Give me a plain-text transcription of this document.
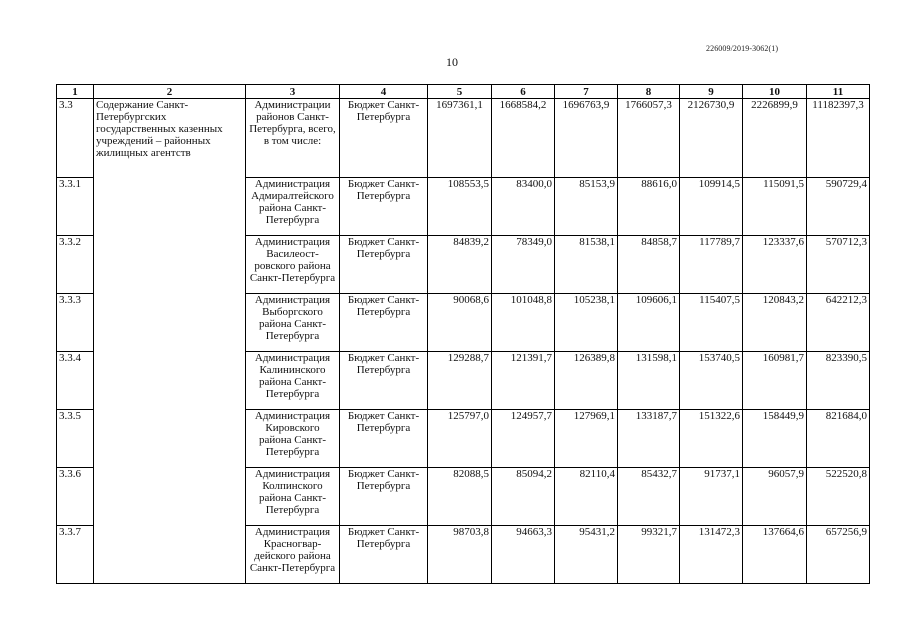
226009/2019-3062(1)
10
1	2	3	4	5	6	7	8	9	10	11
3.3	Содержание Санкт-Петербургских государственных казенных учреждений – районных жилищных агентств	Администрации районов Санкт-Петербурга, всего, в том числе:	Бюджет Санкт-Петербурга	1697361,1	1668584,2	1696763,9	1766057,3	2126730,9	2226899,9	11182397,3
3.3.1		Администрация Адмиралтейского района Санкт-Петербурга	Бюджет Санкт-Петербурга	108553,5	83400,0	85153,9	88616,0	109914,5	115091,5	590729,4
3.3.2		Администрация Василеост-ровского района Санкт-Петербурга	Бюджет Санкт-Петербурга	84839,2	78349,0	81538,1	84858,7	117789,7	123337,6	570712,3
3.3.3		Администрация Выборгского района Санкт-Петербурга	Бюджет Санкт-Петербурга	90068,6	101048,8	105238,1	109606,1	115407,5	120843,2	642212,3
3.3.4		Администрация Калининского района Санкт-Петербурга	Бюджет Санкт-Петербурга	129288,7	121391,7	126389,8	131598,1	153740,5	160981,7	823390,5
3.3.5		Администрация Кировского района Санкт-Петербурга	Бюджет Санкт-Петербурга	125797,0	124957,7	127969,1	133187,7	151322,6	158449,9	821684,0
3.3.6		Администрация Колпинского района Санкт-Петербурга	Бюджет Санкт-Петербурга	82088,5	85094,2	82110,4	85432,7	91737,1	96057,9	522520,8
3.3.7		Администрация Красногвар-дейского района Санкт-Петербурга	Бюджет Санкт-Петербурга	98703,8	94663,3	95431,2	99321,7	131472,3	137664,6	657256,9
